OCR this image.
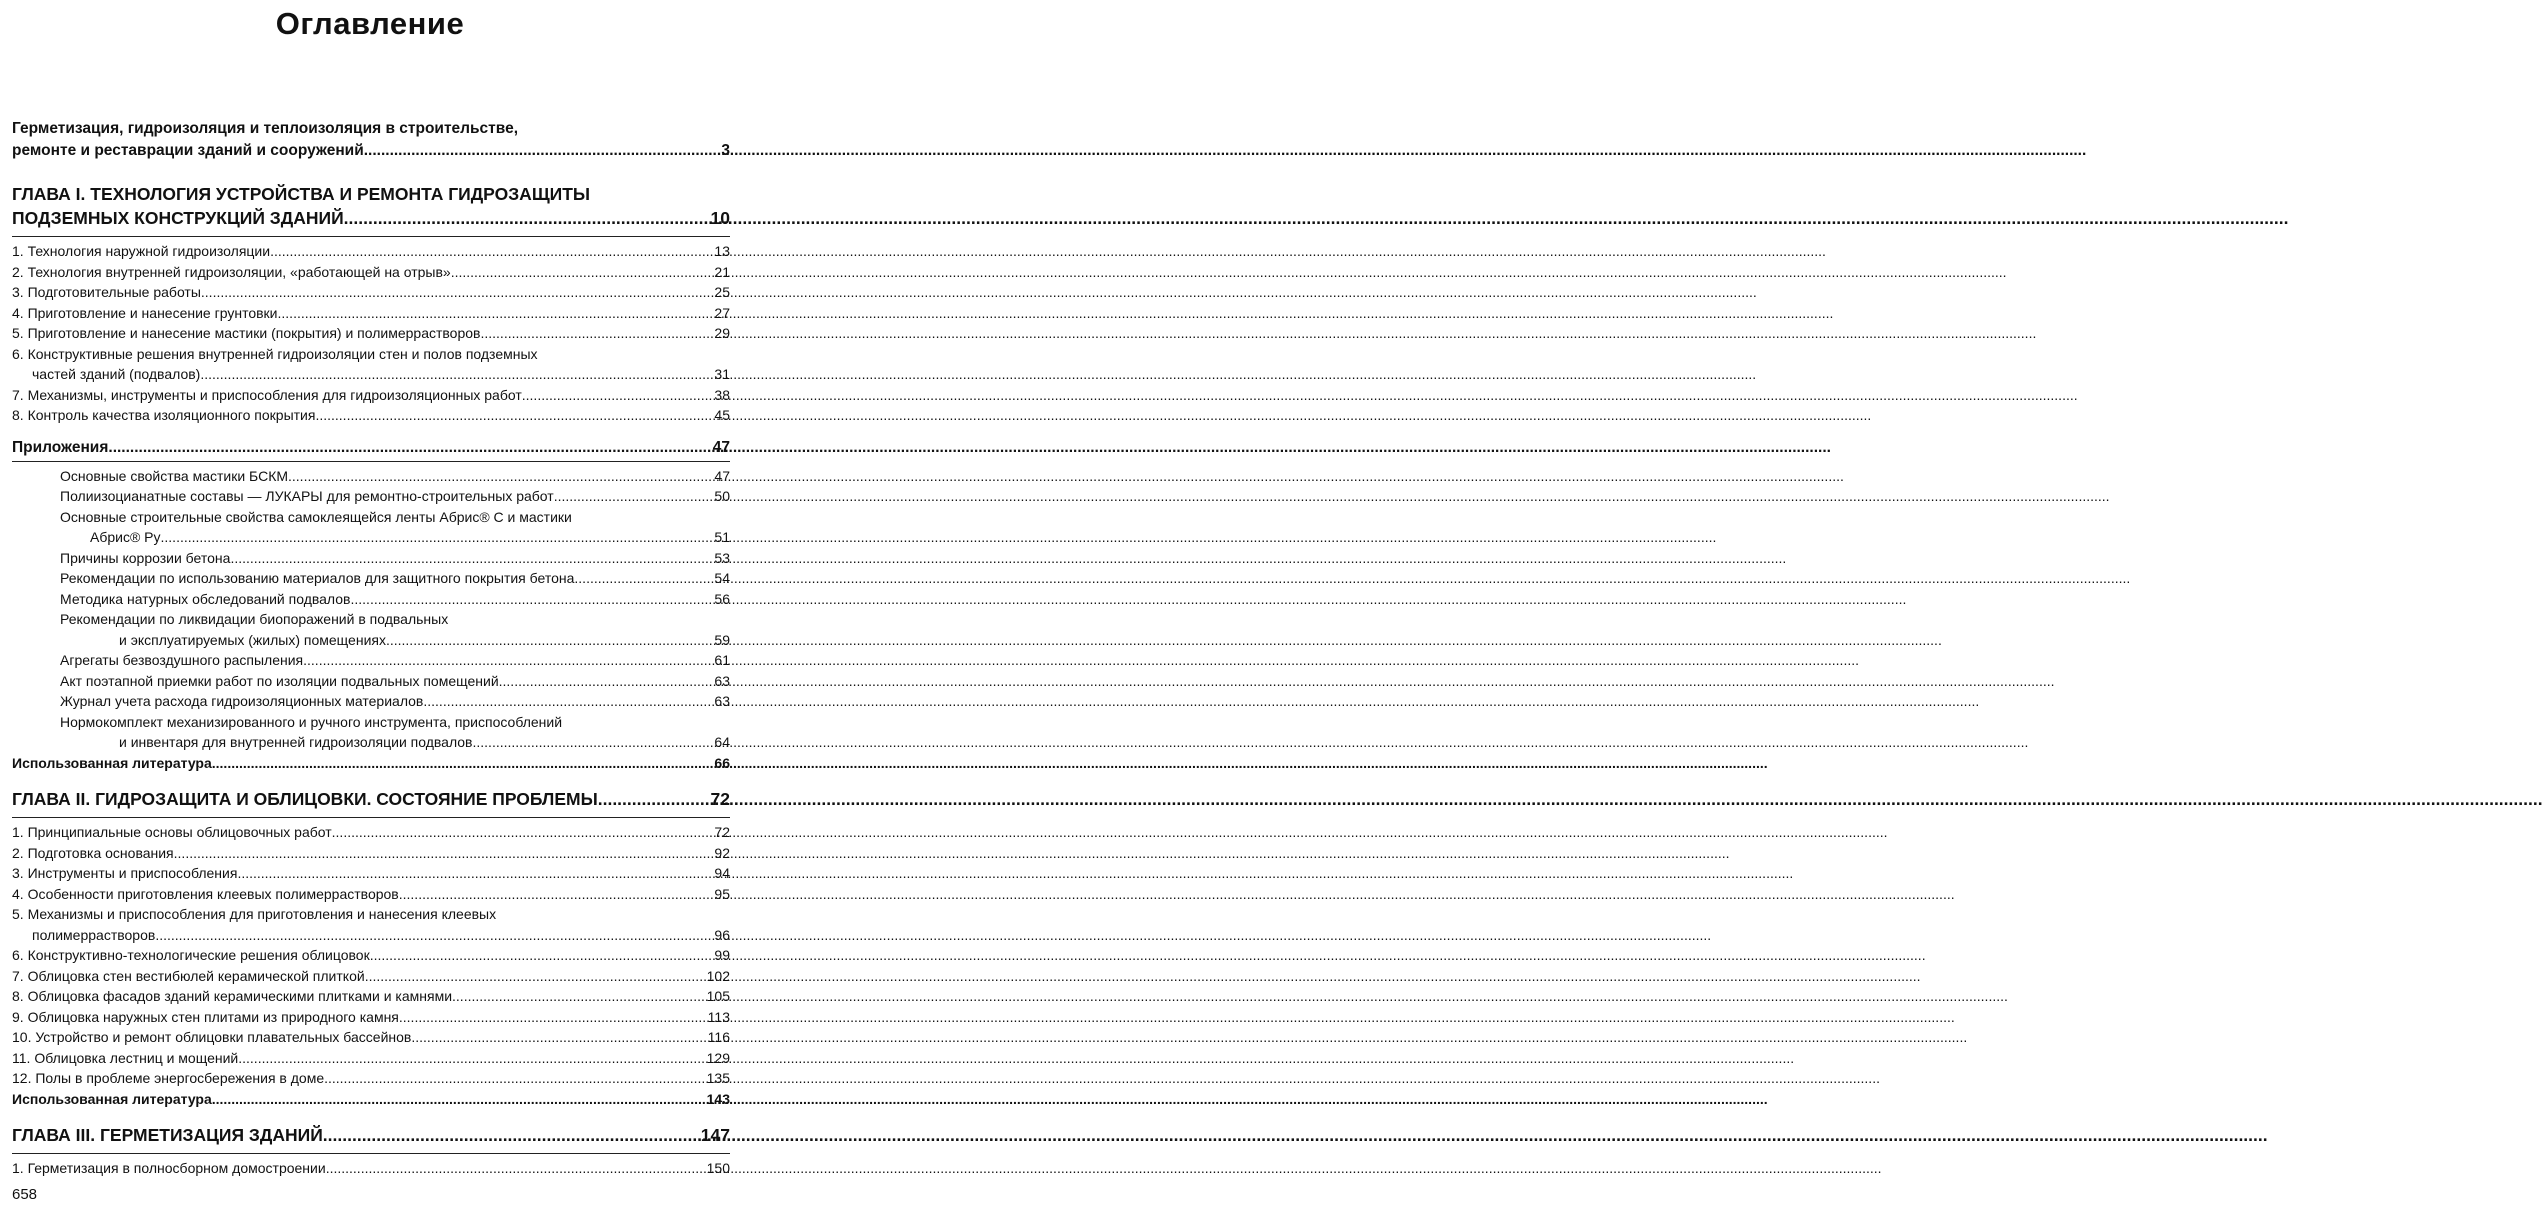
Оглавление
Герметизация, гидроизоляция и теплоизоляция в строительстве,
ремонте и реставрации зданий и сооружений .....	3
ГЛАВА I. ТЕХНОЛОГИЯ УСТРОЙСТВА И РЕМОНТА ГИДРОЗАЩИТЫ
ПОДЗЕМНЫХ КОНСТРУКЦИЙ ЗДАНИЙ .....	10
1. Технология наружной гидроизоляции .....	13
2. Технология внутренней гидроизоляции, «работающей на отрыв» .....	21
3. Подготовительные работы .....	25
4. Приготовление и нанесение грунтовки .....	27
5. Приготовление и нанесение мастики (покрытия) и полимеррастворов .....	29
6. Конструктивные решения внутренней гидроизоляции стен и полов подземных
частей зданий (подвалов) .....	31
7. Механизмы, инструменты и приспособления для гидроизоляционных работ .....	38
8. Контроль качества изоляционного покрытия .....	45
Приложения .....	47
Основные свойства мастики БСКМ .....	47
Полиизоцианатные составы — ЛУКАРЫ для ремонтно-строительных работ .....	50
Основные строительные свойства самоклеящейся ленты Абрис® С и мастики
Абрис® Ру .....	51
Причины коррозии бетона .....	53
Рекомендации по использованию материалов для защитного покрытия бетона .....	54
Методика натурных обследований подвалов .....	56
Рекомендации по ликвидации биопоражений в подвальных
и эксплуатируемых (жилых) помещениях .....	59
Агрегаты безвоздушного распыления .....	61
Акт поэтапной приемки работ по изоляции подвальных помещений .....	63
Журнал учета расхода гидроизоляционных материалов .....	63
Нормокомплект механизированного и ручного инструмента, приспособлений
и инвентаря для внутренней гидроизоляции подвалов .....	64
Использованная литература .....	66
ГЛАВА II. ГИДРОЗАЩИТА И ОБЛИЦОВКИ. СОСТОЯНИЕ ПРОБЛЕМЫ .....	72
1. Принципиальные основы облицовочных работ .....	72
2. Подготовка основания .....	92
3. Инструменты и приспособления .....	94
4. Особенности приготовления клеевых полимеррастворов .....	95
5. Механизмы и приспособления для приготовления и нанесения клеевых
полимеррастворов .....	96
6. Конструктивно-технологические решения облицовок .....	99
7. Облицовка стен вестибюлей керамической плиткой .....	102
8. Облицовка фасадов зданий керамическими плитками и камнями .....	105
9. Облицовка наружных стен плитами из природного камня .....	113
10. Устройство и ремонт облицовки плавательных бассейнов .....	116
11. Облицовка лестниц и мощений .....	129
12. Полы в проблеме энергосбережения в доме .....	135
Использованная литература .....	143
ГЛАВА III. ГЕРМЕТИЗАЦИЯ ЗДАНИЙ .....	147
1. Герметизация в полносборном домостроении .....	150
658
